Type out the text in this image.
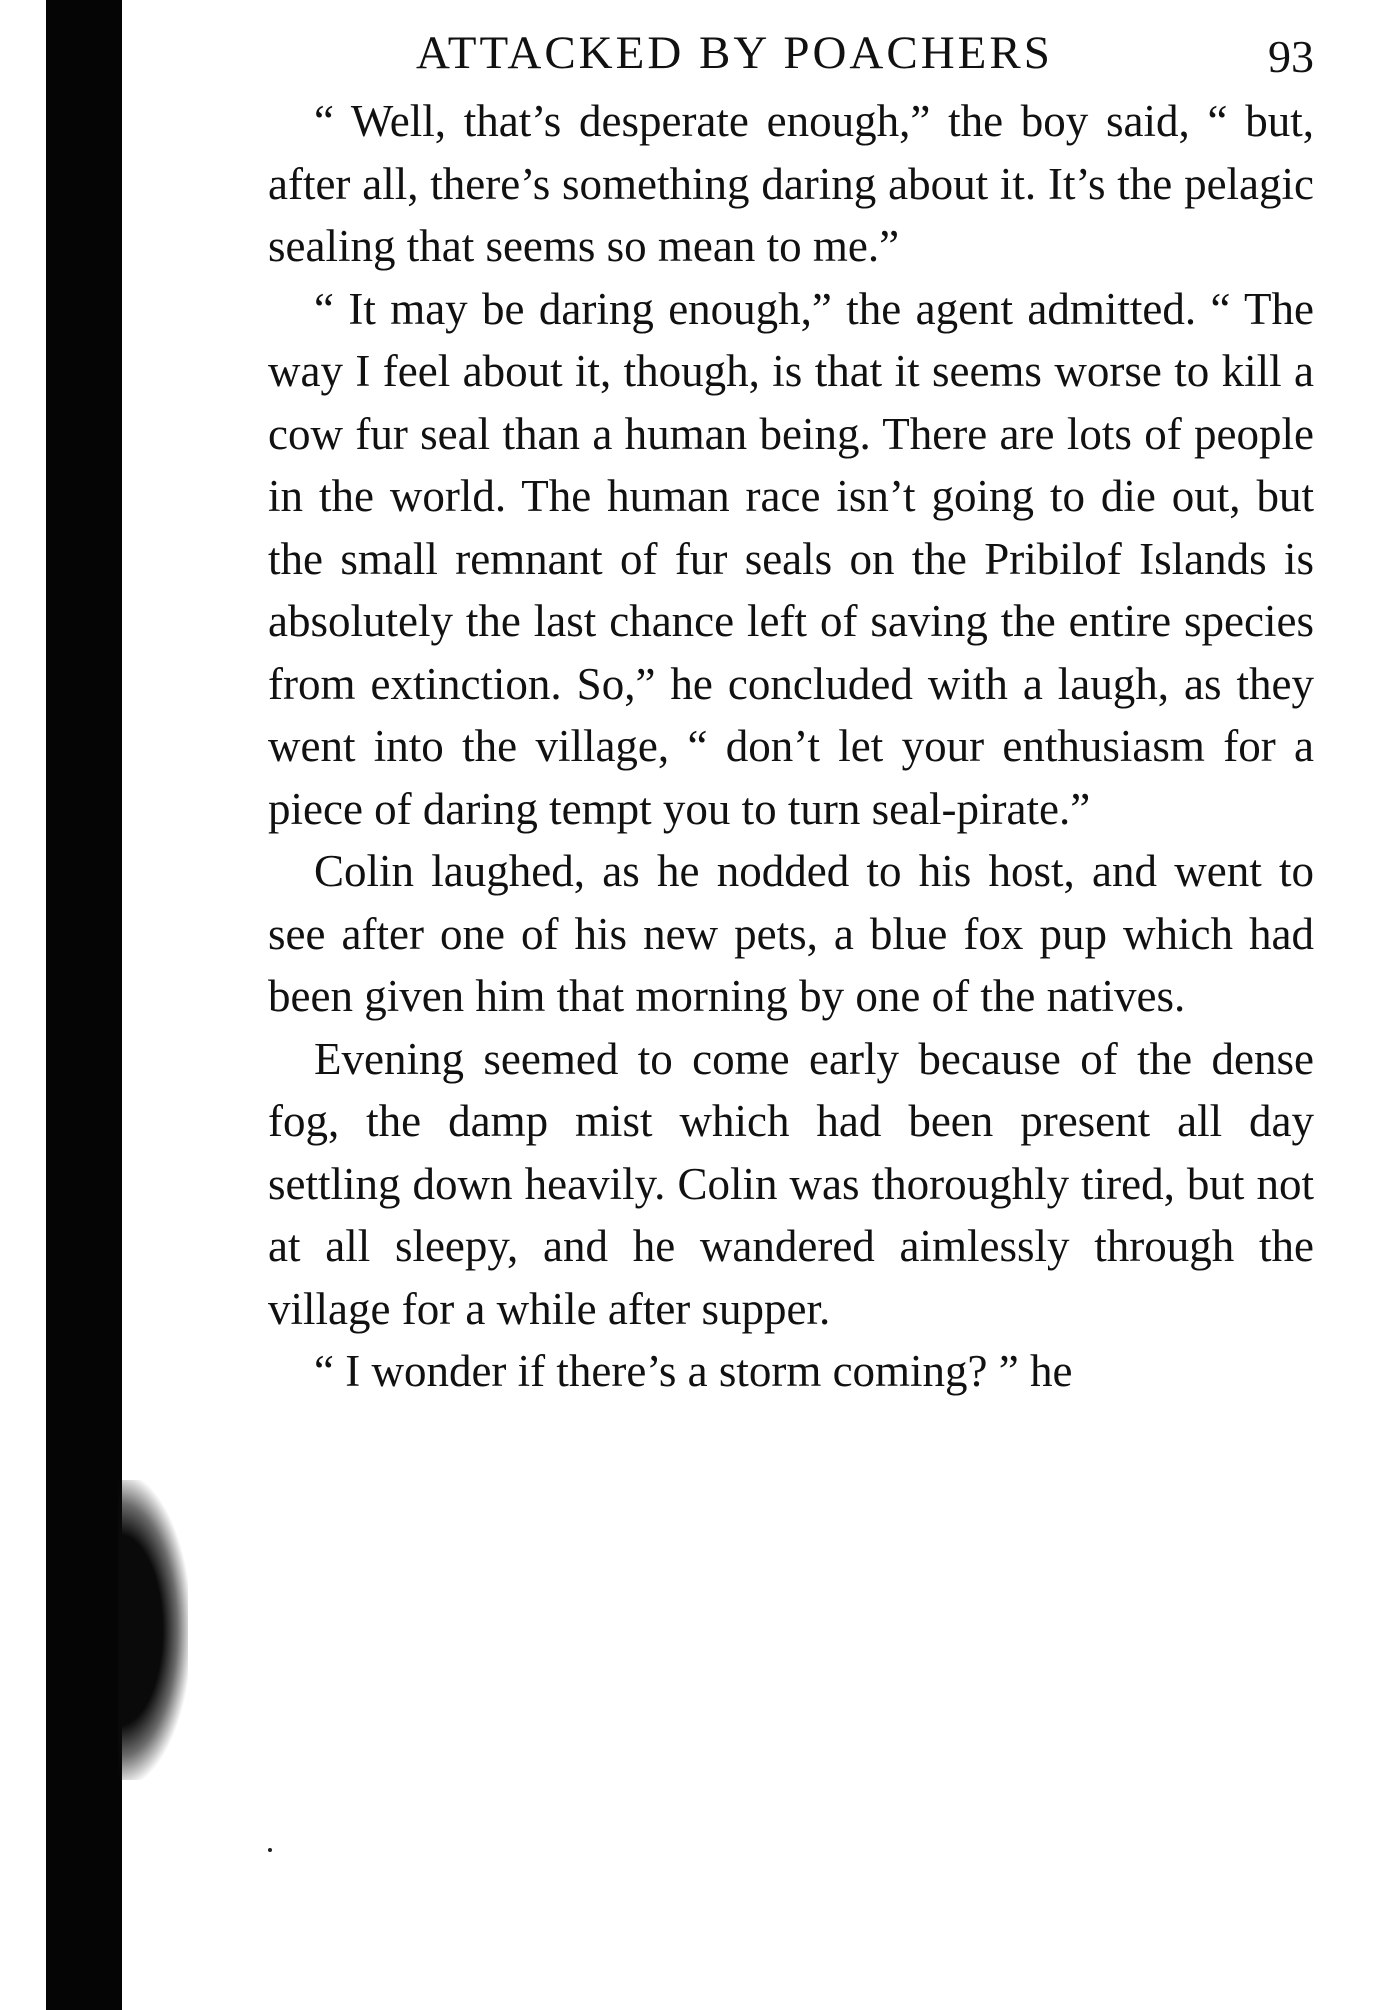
ATTACKED BY POACHERS	93

“ Well, that’s desperate enough,” the boy said, “ but, after all, there’s something daring about it. It’s the pelagic sealing that seems so mean to me.”

“ It may be daring enough,” the agent admitted. “ The way I feel about it, though, is that it seems worse to kill a cow fur seal than a human being. There are lots of people in the world. The human race isn’t going to die out, but the small remnant of fur seals on the Pribilof Islands is absolutely the last chance left of saving the entire species from extinction. So,” he concluded with a laugh, as they went into the village, “ don’t let your enthusiasm for a piece of daring tempt you to turn seal-pirate.”

Colin laughed, as he nodded to his host, and went to see after one of his new pets, a blue fox pup which had been given him that morning by one of the natives.

Evening seemed to come early because of the dense fog, the damp mist which had been present all day settling down heavily. Colin was thoroughly tired, but not at all sleepy, and he wandered aimlessly through the village for a while after supper.

“ I wonder if there’s a storm coming? ” he
